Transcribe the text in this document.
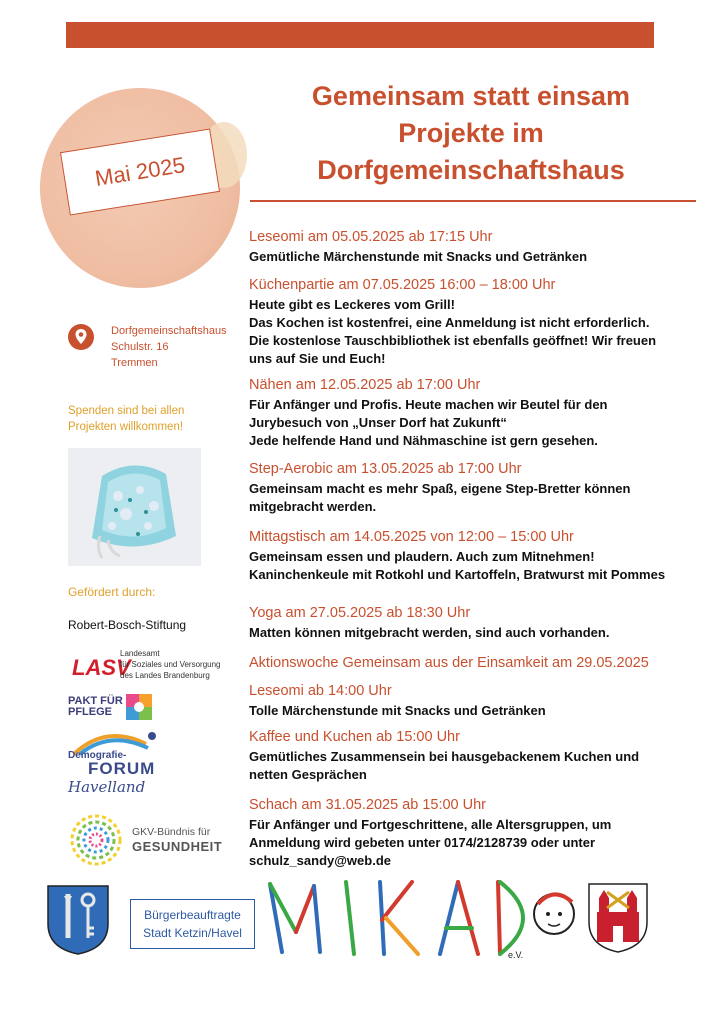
Mai 2025
Gemeinsam statt einsam
Projekte im
Dorfgemeinschaftshaus
Dorfgemeinschaftshaus
Schulstr. 16
Tremmen
Spenden sind bei allen Projekten willkommen!
Gefördert durch:
Robert-Bosch-Stiftung
LASV
Landesamt
für Soziales und Versorgung
des Landes Brandenburg
PAKT FÜR
PFLEGE
Demografie-
FORUM
Havelland
GKV-Bündnis für
GESUNDHEIT
Leseomi am 05.05.2025 ab 17:15 Uhr
Gemütliche Märchenstunde mit Snacks und Getränken
Küchenpartie am 07.05.2025 16:00 – 18:00 Uhr
Heute gibt es Leckeres vom Grill!
Das Kochen ist kostenfrei, eine Anmeldung ist nicht erforderlich.
Die kostenlose Tauschbibliothek ist ebenfalls geöffnet! Wir freuen
uns auf Sie und Euch!
Nähen am 12.05.2025 ab 17:00 Uhr
Für Anfänger und Profis. Heute machen wir Beutel für den
Jurybesuch von „Unser Dorf hat Zukunft“
Jede helfende Hand und Nähmaschine ist gern gesehen.
Step-Aerobic am 13.05.2025 ab 17:00 Uhr
Gemeinsam macht es mehr Spaß, eigene Step-Bretter können
mitgebracht werden.
Mittagstisch am 14.05.2025 von 12:00 – 15:00 Uhr
Gemeinsam essen und plaudern. Auch zum Mitnehmen!
Kaninchenkeule mit Rotkohl und Kartoffeln, Bratwurst mit Pommes
Yoga am 27.05.2025 ab 18:30 Uhr
Matten können mitgebracht werden, sind auch vorhanden.
Aktionswoche Gemeinsam aus der Einsamkeit am 29.05.2025
Leseomi ab 14:00 Uhr
Tolle Märchenstunde mit Snacks und Getränken
Kaffee und Kuchen ab 15:00 Uhr
Gemütliches Zusammensein bei hausgebackenem Kuchen und
netten Gesprächen
Schach am 31.05.2025 ab 15:00 Uhr
Für Anfänger und Fortgeschrittene, alle Altersgruppen, um
Anmeldung wird gebeten unter 0174/2128739 oder unter
schulz_sandy@web.de
Bürgerbeauftragte
Stadt Ketzin/Havel
e.V.
